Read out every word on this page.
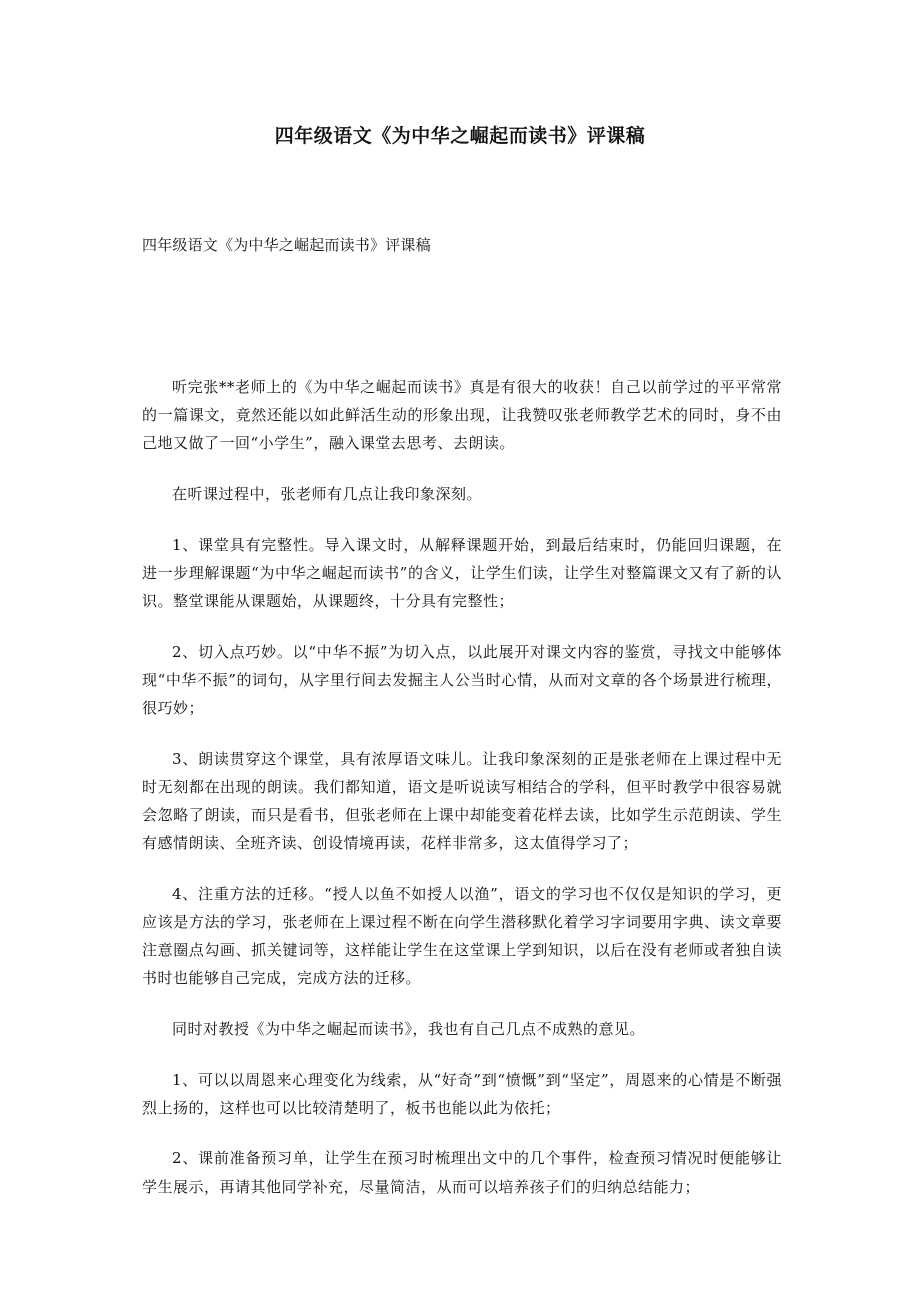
四年级语文《为中华之崛起而读书》评课稿
四年级语文《为中华之崛起而读书》评课稿

听完张**老师上的《为中华之崛起而读书》真是有很大的收获！自己以前学过的平平常常的一篇课文，竟然还能以如此鲜活生动的形象出现，让我赞叹张老师教学艺术的同时，身不由己地又做了一回“小学生”，融入课堂去思考、去朗读。

在听课过程中，张老师有几点让我印象深刻。

1、课堂具有完整性。导入课文时，从解释课题开始，到最后结束时，仍能回归课题，在进一步理解课题“为中华之崛起而读书”的含义，让学生们读，让学生对整篇课文又有了新的认识。整堂课能从课题始，从课题终，十分具有完整性；

2、切入点巧妙。以“中华不振”为切入点，以此展开对课文内容的鉴赏，寻找文中能够体现“中华不振”的词句，从字里行间去发掘主人公当时心情，从而对文章的各个场景进行梳理，很巧妙；

3、朗读贯穿这个课堂，具有浓厚语文味儿。让我印象深刻的正是张老师在上课过程中无时无刻都在出现的朗读。我们都知道，语文是听说读写相结合的学科，但平时教学中很容易就会忽略了朗读，而只是看书，但张老师在上课中却能变着花样去读，比如学生示范朗读、学生有感情朗读、全班齐读、创设情境再读，花样非常多，这太值得学习了；

4、注重方法的迁移。“授人以鱼不如授人以渔”，语文的学习也不仅仅是知识的学习，更应该是方法的学习，张老师在上课过程不断在向学生潜移默化着学习字词要用字典、读文章要注意圈点勾画、抓关键词等，这样能让学生在这堂课上学到知识，以后在没有老师或者独自读书时也能够自己完成，完成方法的迁移。

同时对教授《为中华之崛起而读书》，我也有自己几点不成熟的意见。

1、可以以周恩来心理变化为线索，从“好奇”到“愤慨”到“坚定”，周恩来的心情是不断强烈上扬的，这样也可以比较清楚明了，板书也能以此为依托；

2、课前准备预习单，让学生在预习时梳理出文中的几个事件，检查预习情况时便能够让学生展示，再请其他同学补充，尽量简洁，从而可以培养孩子们的归纳总结能力；
